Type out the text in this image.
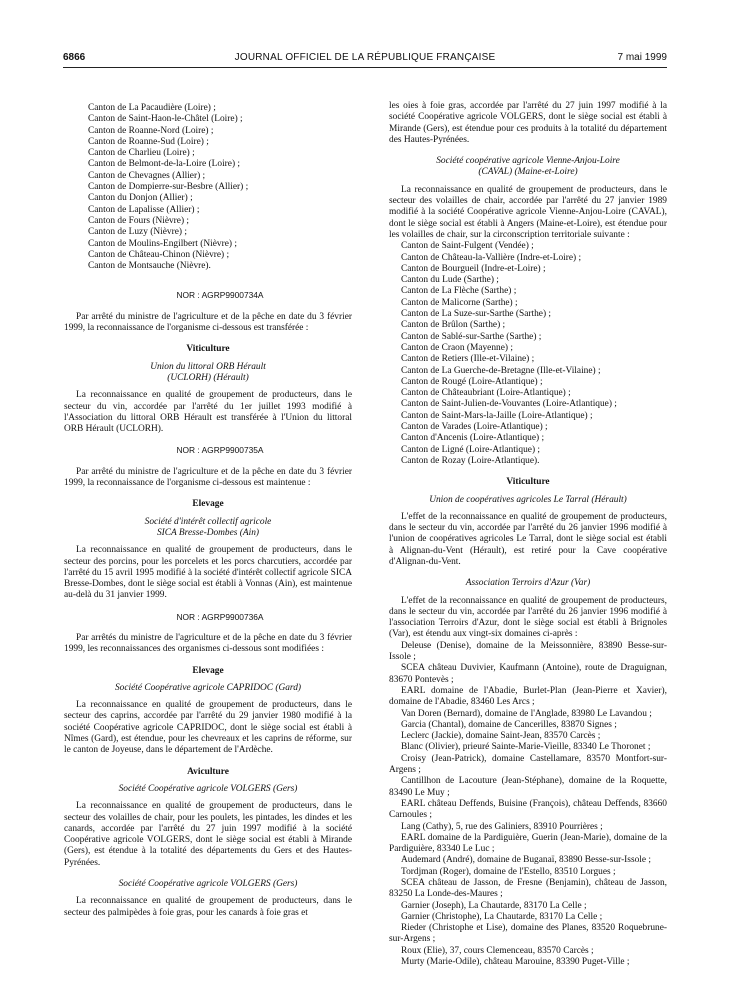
6866	JOURNAL OFFICIEL DE LA RÉPUBLIQUE FRANÇAISE	7 mai 1999

Canton de La Pacaudière (Loire) ;

Canton de Saint-Haon-le-Châtel (Loire) ;

Canton de Roanne-Nord (Loire) ;

Canton de Roanne-Sud (Loire) ;

Canton de Charlieu (Loire) ;

Canton de Belmont-de-la-Loire (Loire) ;

Canton de Chevagnes (Allier) ;

Canton de Dompierre-sur-Besbre (Allier) ;

Canton du Donjon (Allier) ;

Canton de Lapalisse (Allier) ;

Canton de Fours (Nièvre) ;

Canton de Luzy (Nièvre) ;

Canton de Moulins-Engilbert (Nièvre) ;

Canton de Château-Chinon (Nièvre) ;

Canton de Montsauche (Nièvre).

NOR : AGRP9900734A

Par arrêté du ministre de l'agriculture et de la pêche en date du 3 février 1999, la reconnaissance de l'organisme ci-dessous est transférée :

Viticulture

Union du littoral ORB Hérault

(UCLORH) (Hérault)

La reconnaissance en qualité de groupement de producteurs, dans le secteur du vin, accordée par l'arrêté du 1er juillet 1993 modifié à l'Association du littoral ORB Hérault est transférée à l'Union du littoral ORB Hérault (UCLORH).

NOR : AGRP9900735A

Par arrêté du ministre de l'agriculture et de la pêche en date du 3 février 1999, la reconnaissance de l'organisme ci-dessous est maintenue :

Elevage

Société d'intérêt collectif agricole

SICA Bresse-Dombes (Ain)

La reconnaissance en qualité de groupement de producteurs, dans le secteur des porcins, pour les porcelets et les porcs charcutiers, accordée par l'arrêté du 15 avril 1995 modifié à la société d'intérêt collectif agricole SICA Bresse-Dombes, dont le siège social est établi à Vonnas (Ain), est maintenue au-delà du 31 janvier 1999.

NOR : AGRP9900736A

Par arrêtés du ministre de l'agriculture et de la pêche en date du 3 février 1999, les reconnaissances des organismes ci-dessous sont modifiées :

Elevage

Société Coopérative agricole CAPRIDOC (Gard)

La reconnaissance en qualité de groupement de producteurs, dans le secteur des caprins, accordée par l'arrêté du 29 janvier 1980 modifié à la société Coopérative agricole CAPRIDOC, dont le siège social est établi à Nîmes (Gard), est étendue, pour les chevreaux et les caprins de réforme, sur le canton de Joyeuse, dans le département de l'Ardèche.

Aviculture

Société Coopérative agricole VOLGERS (Gers)

La reconnaissance en qualité de groupement de producteurs, dans le secteur des volailles de chair, pour les poulets, les pintades, les dindes et les canards, accordée par l'arrêté du 27 juin 1997 modifié à la société Coopérative agricole VOLGERS, dont le siège social est établi à Mirande (Gers), est étendue à la totalité des départements du Gers et des Hautes-Pyrénées.

Société Coopérative agricole VOLGERS (Gers)

La reconnaissance en qualité de groupement de producteurs, dans le secteur des palmipèdes à foie gras, pour les canards à foie gras et

les oies à foie gras, accordée par l'arrêté du 27 juin 1997 modifié à la société Coopérative agricole VOLGERS, dont le siège social est établi à Mirande (Gers), est étendue pour ces produits à la totalité du département des Hautes-Pyrénées.

Société coopérative agricole Vienne-Anjou-Loire

(CAVAL) (Maine-et-Loire)

La reconnaissance en qualité de groupement de producteurs, dans le secteur des volailles de chair, accordée par l'arrêté du 27 janvier 1989 modifié à la société Coopérative agricole Vienne-Anjou-Loire (CAVAL), dont le siège social est établi à Angers (Maine-et-Loire), est étendue pour les volailles de chair, sur la circonscription territoriale suivante :

Canton de Saint-Fulgent (Vendée) ;

Canton de Château-la-Vallière (Indre-et-Loire) ;

Canton de Bourgueil (Indre-et-Loire) ;

Canton du Lude (Sarthe) ;

Canton de La Flèche (Sarthe) ;

Canton de Malicorne (Sarthe) ;

Canton de La Suze-sur-Sarthe (Sarthe) ;

Canton de Brûlon (Sarthe) ;

Canton de Sablé-sur-Sarthe (Sarthe) ;

Canton de Craon (Mayenne) ;

Canton de Retiers (Ille-et-Vilaine) ;

Canton de La Guerche-de-Bretagne (Ille-et-Vilaine) ;

Canton de Rougé (Loire-Atlantique) ;

Canton de Châteaubriant (Loire-Atlantique) ;

Canton de Saint-Julien-de-Vouvantes (Loire-Atlantique) ;

Canton de Saint-Mars-la-Jaille (Loire-Atlantique) ;

Canton de Varades (Loire-Atlantique) ;

Canton d'Ancenis (Loire-Atlantique) ;

Canton de Ligné (Loire-Atlantique) ;

Canton de Rozay (Loire-Atlantique).

Viticulture

Union de coopératives agricoles Le Tarral (Hérault)

L'effet de la reconnaissance en qualité de groupement de producteurs, dans le secteur du vin, accordée par l'arrêté du 26 janvier 1996 modifié à l'union de coopératives agricoles Le Tarral, dont le siège social est établi à Alignan-du-Vent (Hérault), est retiré pour la Cave coopérative d'Alignan-du-Vent.

Association Terroirs d'Azur (Var)

L'effet de la reconnaissance en qualité de groupement de producteurs, dans le secteur du vin, accordée par l'arrêté du 26 janvier 1996 modifié à l'association Terroirs d'Azur, dont le siège social est établi à Brignoles (Var), est étendu aux vingt-six domaines ci-après :

Deleuse (Denise), domaine de la Meissonnière, 83890 Besse-sur-Issole ;

SCEA château Duvivier, Kaufmann (Antoine), route de Draguignan, 83670 Pontevès ;

EARL domaine de l'Abadie, Burlet-Plan (Jean-Pierre et Xavier), domaine de l'Abadie, 83460 Les Arcs ;

Van Doren (Bernard), domaine de l'Anglade, 83980 Le Lavandou ;

Garcia (Chantal), domaine de Cancerilles, 83870 Signes ;

Leclerc (Jackie), domaine Saint-Jean, 83570 Carcès ;

Blanc (Olivier), prieuré Sainte-Marie-Vieille, 83340 Le Thoronet ;

Croisy (Jean-Patrick), domaine Castellamare, 83570 Montfort-sur-Argens ;

Cantillhon de Lacouture (Jean-Stéphane), domaine de la Roquette, 83490 Le Muy ;

EARL château Deffends, Buisine (François), château Deffends, 83660 Carnoules ;

Lang (Cathy), 5, rue des Galiniers, 83910 Pourrières ;

EARL domaine de la Pardiguière, Guerin (Jean-Marie), domaine de la Pardiguière, 83340 Le Luc ;

Audemard (André), domaine de Buganaï, 83890 Besse-sur-Issole ;

Tordjman (Roger), domaine de l'Estello, 83510 Lorgues ;

SCEA château de Jasson, de Fresne (Benjamin), château de Jasson, 83250 La Londe-des-Maures ;

Garnier (Joseph), La Chautarde, 83170 La Celle ;

Garnier (Christophe), La Chautarde, 83170 La Celle ;

Rieder (Christophe et Lise), domaine des Planes, 83520 Roquebrune-sur-Argens ;

Roux (Elie), 37, cours Clemenceau, 83570 Carcès ;

Murty (Marie-Odile), château Marouine, 83390 Puget-Ville ;
